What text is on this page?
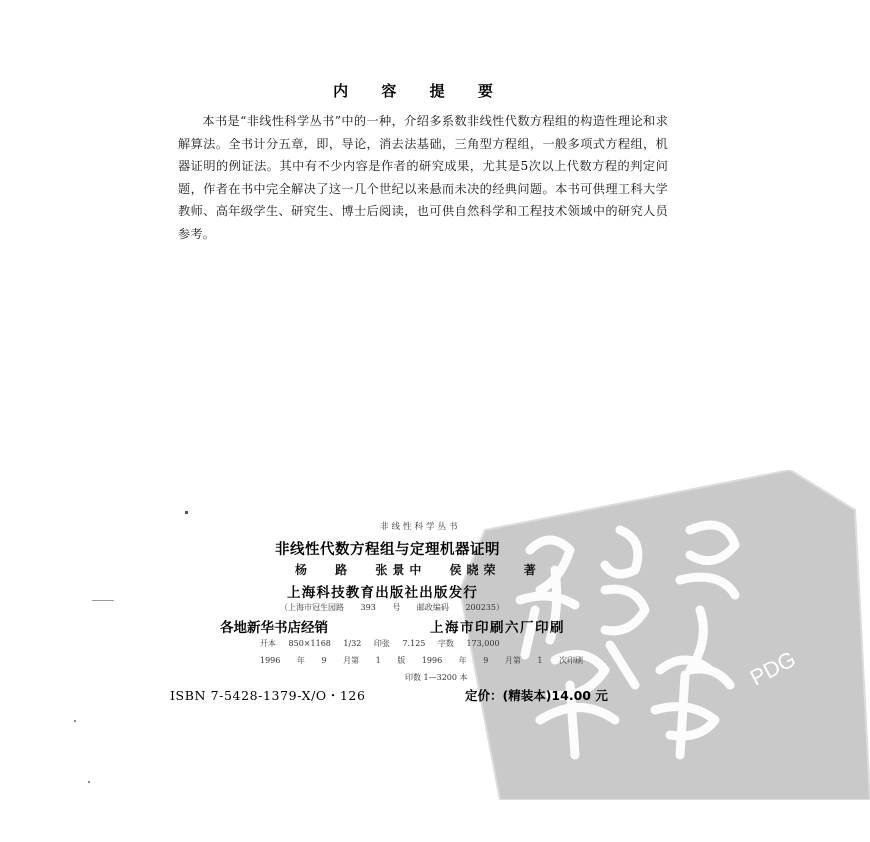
内 容 提 要

本书是“非线性科学丛书”中的一种，介绍多系数非线性代数方程组的构造性理论和求解算法。全书计分五章，即，导论，消去法基础，三角型方程组，一般多项式方程组，机器证明的例证法。其中有不少内容是作者的研究成果，尤其是5次以上代数方程的判定问题，作者在书中完全解决了这一几个世纪以来悬而未决的经典问题。本书可供理工科大学教师、高年级学生、研究生、博士后阅读，也可供自然科学和工程技术领域中的研究人员参考。

PDG
非线性科学丛书
非线性代数方程组与定理机器证明
杨 路 张景中 侯晓荣 著
上海科技教育出版社出版发行
（上海市冠生园路 393 号 邮政编码 200235）
各地新华书店经销	上海市印刷六厂印刷
开本 850×1168 1/32 印张 7.125 字数 173,000
1996 年 9 月第 1 版 1996 年 9 月第 1 次印刷
印数 1—3200 本
ISBN 7-5428-1379-X/O・126	定价：(精装本)14.00 元
